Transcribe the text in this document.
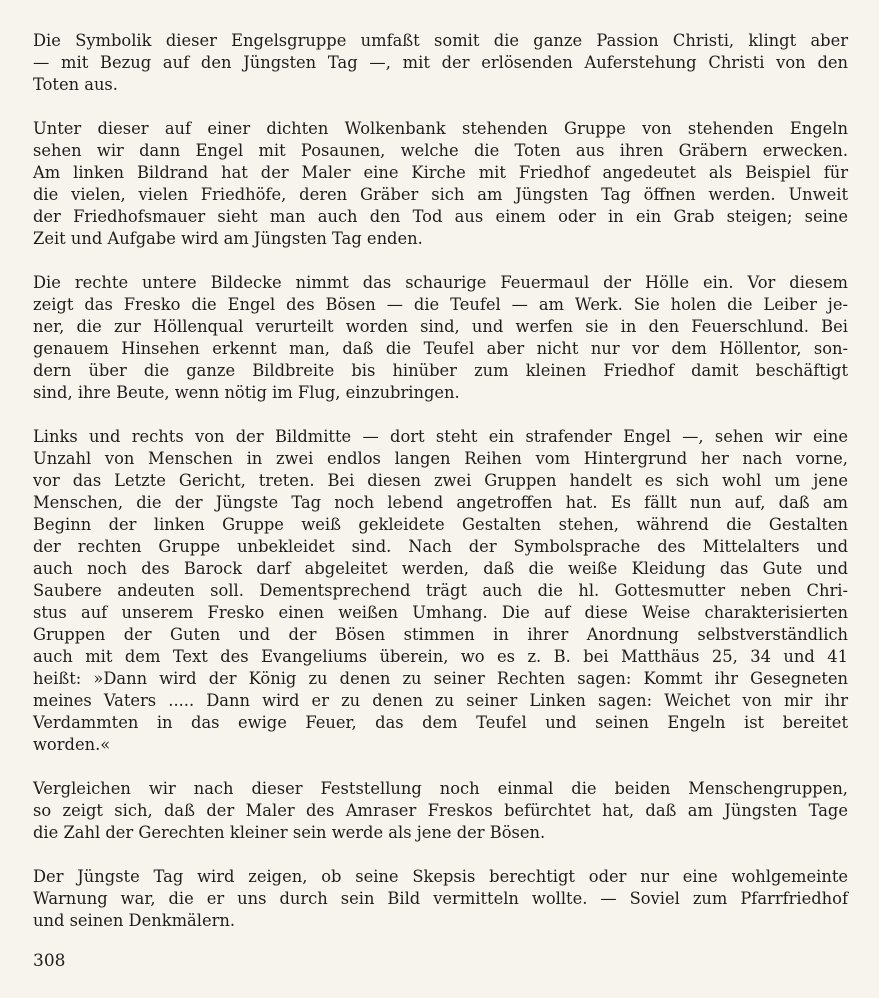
Die Symbolik dieser Engelsgruppe umfaßt somit die ganze Passion Christi, klingt aber
— mit Bezug auf den Jüngsten Tag —, mit der erlösenden Auferstehung Christi von den
Toten aus.

Unter dieser auf einer dichten Wolkenbank stehenden Gruppe von stehenden Engeln
sehen wir dann Engel mit Posaunen, welche die Toten aus ihren Gräbern erwecken.
Am linken Bildrand hat der Maler eine Kirche mit Friedhof angedeutet als Beispiel für
die vielen, vielen Friedhöfe, deren Gräber sich am Jüngsten Tag öffnen werden. Unweit
der Friedhofsmauer sieht man auch den Tod aus einem oder in ein Grab steigen; seine
Zeit und Aufgabe wird am Jüngsten Tag enden.

Die rechte untere Bildecke nimmt das schaurige Feuermaul der Hölle ein. Vor diesem
zeigt das Fresko die Engel des Bösen — die Teufel — am Werk. Sie holen die Leiber je-
ner, die zur Höllenqual verurteilt worden sind, und werfen sie in den Feuerschlund. Bei
genauem Hinsehen erkennt man, daß die Teufel aber nicht nur vor dem Höllentor, son-
dern über die ganze Bildbreite bis hinüber zum kleinen Friedhof damit beschäftigt
sind, ihre Beute, wenn nötig im Flug, einzubringen.

Links und rechts von der Bildmitte — dort steht ein strafender Engel —, sehen wir eine
Unzahl von Menschen in zwei endlos langen Reihen vom Hintergrund her nach vorne,
vor das Letzte Gericht, treten. Bei diesen zwei Gruppen handelt es sich wohl um jene
Menschen, die der Jüngste Tag noch lebend angetroffen hat. Es fällt nun auf, daß am
Beginn der linken Gruppe weiß gekleidete Gestalten stehen, während die Gestalten
der rechten Gruppe unbekleidet sind. Nach der Symbolsprache des Mittelalters und
auch noch des Barock darf abgeleitet werden, daß die weiße Kleidung das Gute und
Saubere andeuten soll. Dementsprechend trägt auch die hl. Gottesmutter neben Chri-
stus auf unserem Fresko einen weißen Umhang. Die auf diese Weise charakterisierten
Gruppen der Guten und der Bösen stimmen in ihrer Anordnung selbstverständlich
auch mit dem Text des Evangeliums überein, wo es z. B. bei Matthäus 25, 34 und 41
heißt: »Dann wird der König zu denen zu seiner Rechten sagen: Kommt ihr Gesegneten
meines Vaters ..... Dann wird er zu denen zu seiner Linken sagen: Weichet von mir ihr
Verdammten in das ewige Feuer, das dem Teufel und seinen Engeln ist bereitet
worden.«

Vergleichen wir nach dieser Feststellung noch einmal die beiden Menschengruppen,
so zeigt sich, daß der Maler des Amraser Freskos befürchtet hat, daß am Jüngsten Tage
die Zahl der Gerechten kleiner sein werde als jene der Bösen.

Der Jüngste Tag wird zeigen, ob seine Skepsis berechtigt oder nur eine wohlgemeinte
Warnung war, die er uns durch sein Bild vermitteln wollte. — Soviel zum Pfarrfriedhof
und seinen Denkmälern.

308
